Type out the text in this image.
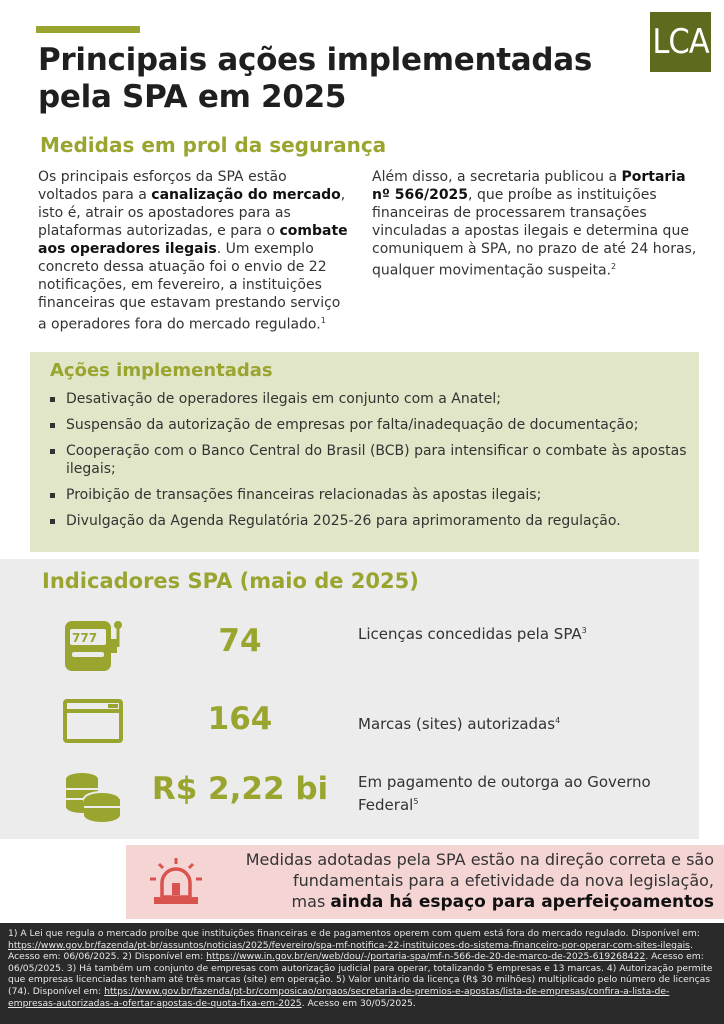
LCA
Principais ações implementadas pela SPA em 2025
Medidas em prol da segurança

Os principais esforços da SPA estão voltados para a canalização do mercado, isto é, atrair os apostadores para as plataformas autorizadas, e para o combate aos operadores ilegais. Um exemplo concreto dessa atuação foi o envio de 22 notificações, em fevereiro, a instituições financeiras que estavam prestando serviço a operadores fora do mercado regulado.$^1$

Além disso, a secretaria publicou a Portaria nº 566/2025, que proíbe as instituições financeiras de processarem transações vinculadas a apostas ilegais e determina que comuniquem à SPA, no prazo de até 24 horas, qualquer movimentação suspeita.$^2$

Ações implementadas
Desativação de operadores ilegais em conjunto com a Anatel;
Suspensão da autorização de empresas por falta/inadequação de documentação;
Cooperação com o Banco Central do Brasil (BCB) para intensificar o combate às apostas ilegais;
Proibição de transações financeiras relacionadas às apostas ilegais;
Divulgação da Agenda Regulatória 2025-26 para aprimoramento da regulação.
Indicadores SPA (maio de 2025)
777	74	Licenças concedidas pela SPA$^3$
164	Marcas (sites) autorizadas$^4$
R$ 2,22 bi Em pagamento de outorga ao Governo Federal$^5$
Medidas adotadas pela SPA estão na direção correta e são fundamentais para a efetividade da nova legislação,
mas ainda há espaço para aperfeiçoamentos

1) A Lei que regula o mercado proíbe que instituições financeiras e de pagamentos operem com quem está fora do mercado regulado. Disponível em: https://www.gov.br/fazenda/pt-br/assuntos/noticias/2025/fevereiro/spa-mf-notifica-22-instituicoes-do-sistema-financeiro-por-operar-com-sites-ilegais. Acesso em: 06/06/2025. 2) Disponível em: https://www.in.gov.br/en/web/dou/-/portaria-spa/mf-n-566-de-20-de-marco-de-2025-619268422. Acesso em: 06/05/2025. 3) Há também um conjunto de empresas com autorização judicial para operar, totalizando 5 empresas e 13 marcas. 4) Autorização permite que empresas licenciadas tenham até três marcas (site) em operação. 5) Valor unitário da licença (R$ 30 milhões) multiplicado pelo número de licenças (74). Disponível em: https://www.gov.br/fazenda/pt-br/composicao/orgaos/secretaria-de-premios-e-apostas/lista-de-empresas/confira-a-lista-de-empresas-autorizadas-a-ofertar-apostas-de-quota-fixa-em-2025. Acesso em 30/05/2025.
